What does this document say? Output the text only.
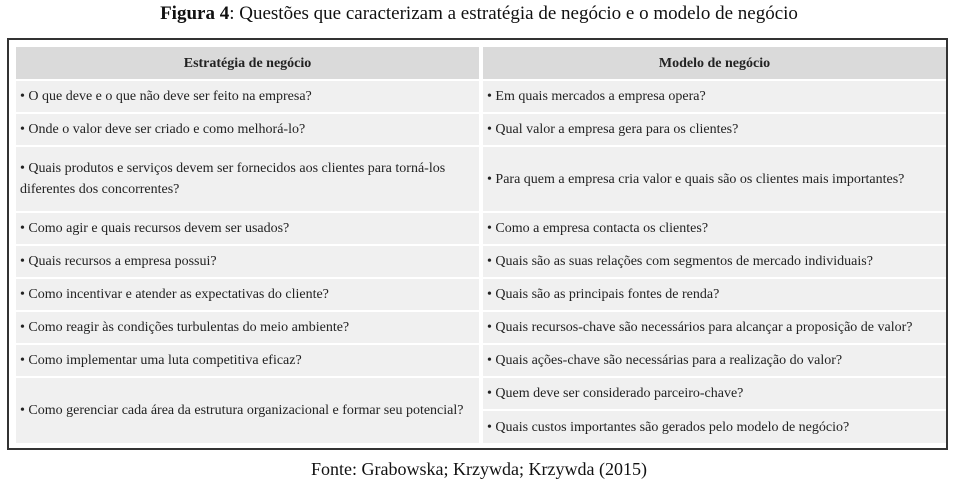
Figura 4: Questões que caracterizam a estratégia de negócio e o modelo de negócio
Estratégia de negócio
• O que deve e o que não deve ser feito na empresa?
• Onde o valor deve ser criado e como melhorá-lo?
• Quais produtos e serviços devem ser fornecidos aos clientes para torná-los diferentes dos concorrentes?
• Como agir e quais recursos devem ser usados?
• Quais recursos a empresa possui?
• Como incentivar e atender as expectativas do cliente?
• Como reagir às condições turbulentas do meio ambiente?
• Como implementar uma luta competitiva eficaz?
• Como gerenciar cada área da estrutura organizacional e formar seu potencial?
Modelo de negócio
• Em quais mercados a empresa opera?
• Qual valor a empresa gera para os clientes?
• Para quem a empresa cria valor e quais são os clientes mais importantes?
• Como a empresa contacta os clientes?
• Quais são as suas relações com segmentos de mercado individuais?
• Quais são as principais fontes de renda?
• Quais recursos-chave são necessários para alcançar a proposição de valor?
• Quais ações-chave são necessárias para a realização do valor?
• Quem deve ser considerado parceiro-chave?
• Quais custos importantes são gerados pelo modelo de negócio?
Fonte: Grabowska; Krzywda; Krzywda (2015)
